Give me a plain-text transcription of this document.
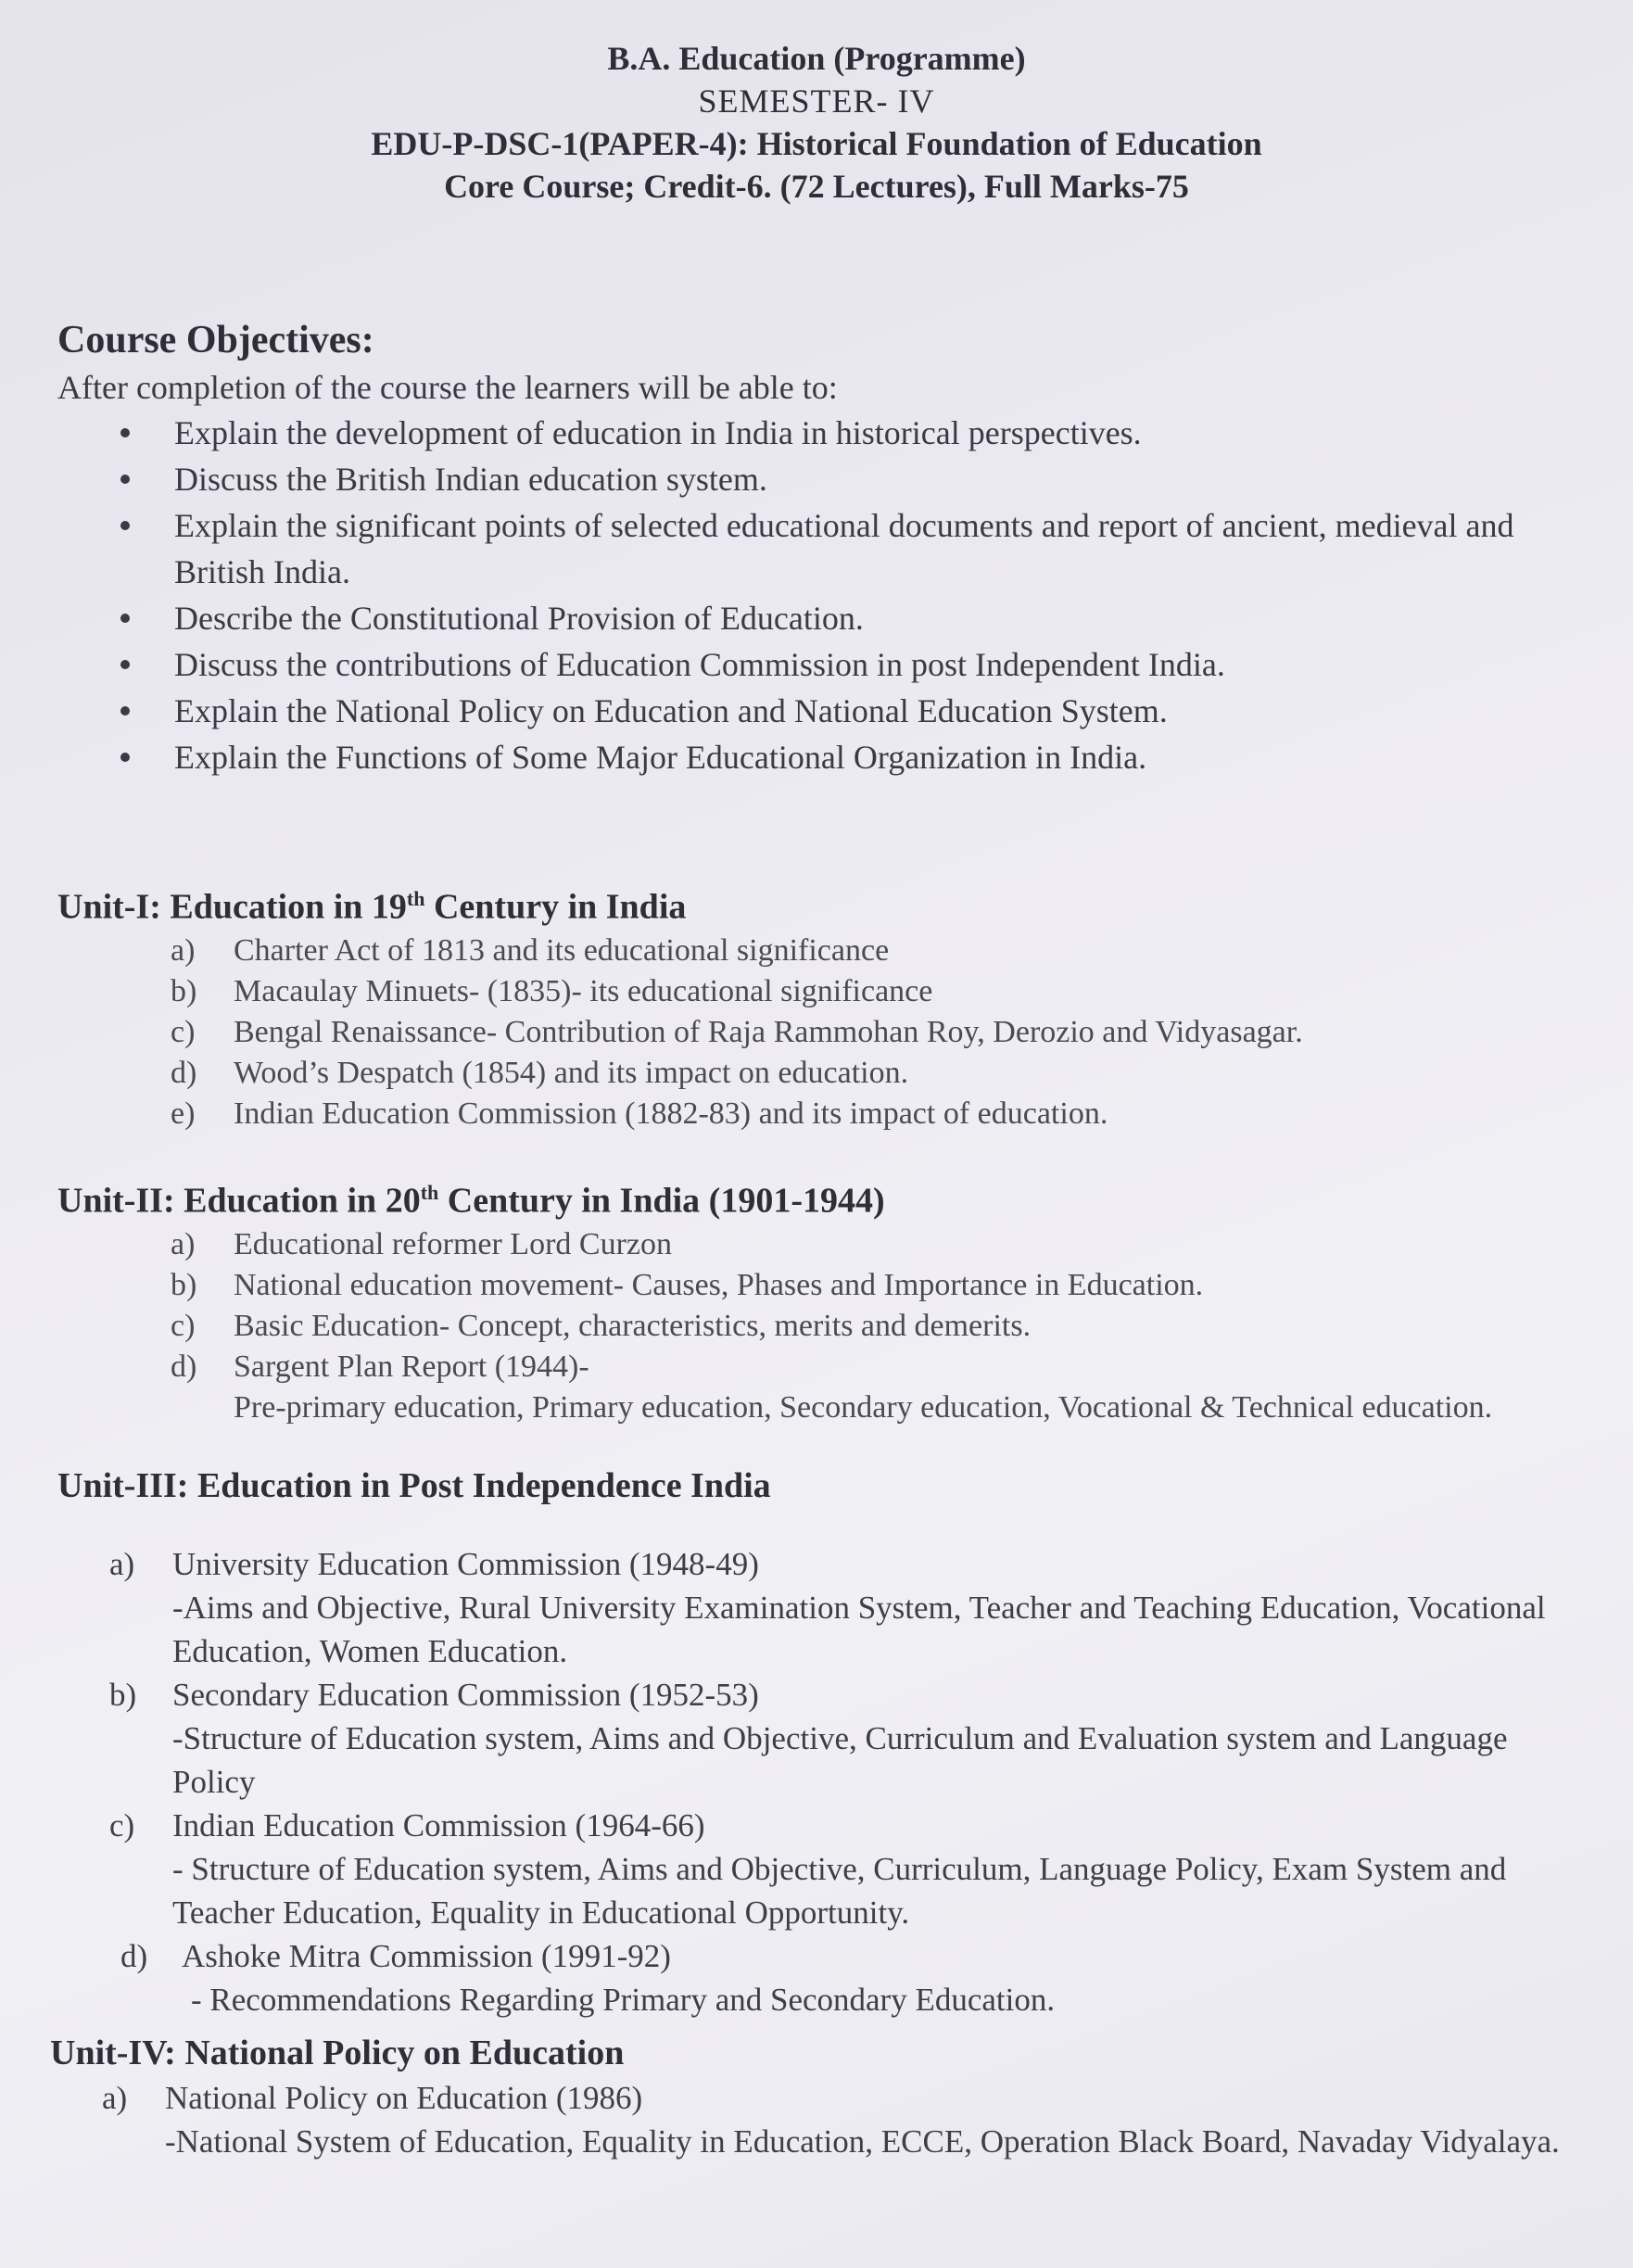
B.A. Education (Programme)
SEMESTER- IV
EDU-P-DSC-1(PAPER-4): Historical Foundation of Education
Core Course; Credit-6. (72 Lectures), Full Marks-75
Course Objectives:
After completion of the course the learners will be able to:
Explain the development of education in India in historical perspectives.
Discuss the British Indian education system.
Explain the significant points of selected educational documents and report of ancient, medieval and British India.
Describe the Constitutional Provision of Education.
Discuss the contributions of Education Commission in post Independent India.
Explain the National Policy on Education and National Education System.
Explain the Functions of Some Major Educational Organization in India.
Unit-I: Education in 19th Century in India
a) Charter Act of 1813 and its educational significance
b) Macaulay Minuets- (1835)- its educational significance
c) Bengal Renaissance- Contribution of Raja Rammohan Roy, Derozio and Vidyasagar.
d) Wood’s Despatch (1854) and its impact on education.
e) Indian Education Commission (1882-83) and its impact of education.
Unit-II: Education in 20th Century in India (1901-1944)
a) Educational reformer Lord Curzon
b) National education movement- Causes, Phases and Importance in Education.
c) Basic Education- Concept, characteristics, merits and demerits.
d) Sargent Plan Report (1944)-
Pre-primary education, Primary education, Secondary education, Vocational & Technical education.
Unit-III: Education in Post Independence India
a) University Education Commission (1948-49)
-Aims and Objective, Rural University Examination System, Teacher and Teaching Education, Vocational Education, Women Education.
b) Secondary Education Commission (1952-53)
-Structure of Education system, Aims and Objective, Curriculum and Evaluation system and Language Policy
c) Indian Education Commission (1964-66)
- Structure of Education system, Aims and Objective, Curriculum, Language Policy, Exam System and Teacher Education, Equality in Educational Opportunity.
d) Ashoke Mitra Commission (1991-92)
- Recommendations Regarding Primary and Secondary Education.
Unit-IV: National Policy on Education
a) National Policy on Education (1986)
-National System of Education, Equality in Education, ECCE, Operation Black Board, Navaday Vidyalaya.
